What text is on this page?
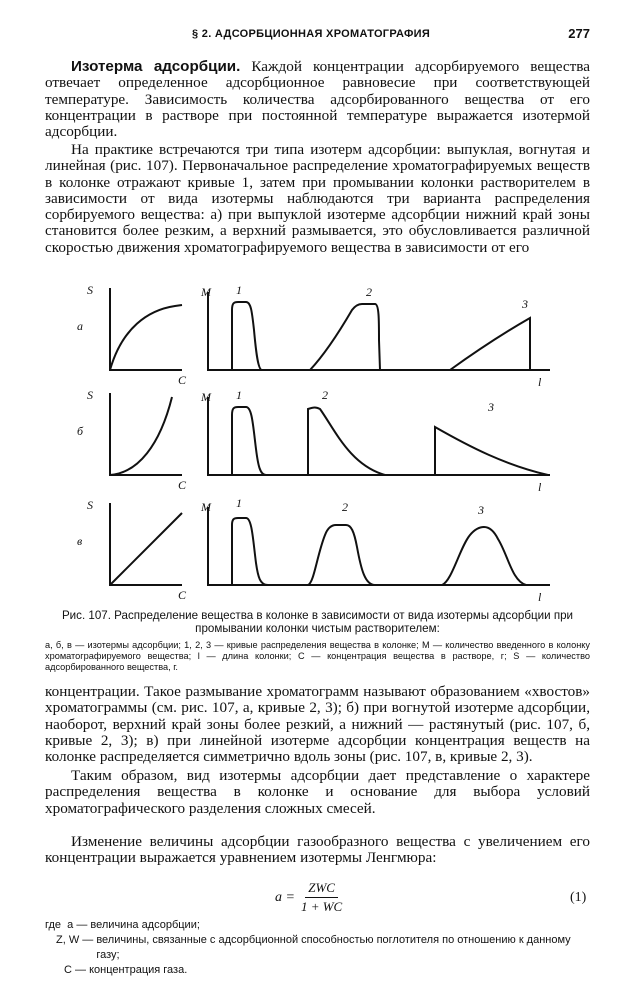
§ 2. АДСОРБЦИОННАЯ ХРОМАТОГРАФИЯ	277

Изотерма адсорбции. Каждой концентрации адсорбируемого вещества отвечает определенное адсорбционное равновесие при соответствующей температуре. Зависимость количества адсорбированного вещества от его концентрации в растворе при постоянной температуре выражается изотермой адсорбции.

На практике встречаются три типа изотерм адсорбции: выпуклая, вогнутая и линейная (рис. 107). Первоначальное распределение хроматографируемых веществ в колонке отражают кривые 1, затем при промывании колонки растворителем в зависимости от вида изотермы наблюдаются три варианта распределения сорбируемого вещества: а) при выпуклой изотерме адсорбции нижний край зоны становится более резким, а верхний размывается, это обусловливается различной скоростью движения хроматографируемого вещества в зависимости от его

S
C
а
M
l
S
C
б
M
l
S
C
в
M
l
1	2
3
1	2
3
1	2	3

Рис. 107. Распределение вещества в колонке в зависимости от вида изотермы адсорбции при промывании колонки чистым растворителем:

а, б, в — изотермы адсорбции; 1, 2, 3 — кривые распределения вещества в колонке; M — количество введенного в колонку хроматографируемого вещества; l — длина колонки; C — концентрация вещества в растворе, г; S — количество адсорбированного вещества, г.

концентрации. Такое размывание хроматограмм называют образованием «хвостов» хроматограммы (см. рис. 107, а, кривые 2, 3); б) при вогнутой изотерме адсорбции, наоборот, верхний край зоны более резкий, а нижний — растянутый (рис. 107, б, кривые 2, 3); в) при линейной изотерме адсорбции концентрация веществ на колонке распределяется симметрично вдоль зоны (рис. 107, в, кривые 2, 3).

Таким образом, вид изотермы адсорбции дает представление о характере распределения вещества в колонке и основание для выбора условий хроматографического разделения сложных смесей.

Изменение величины адсорбции газообразного вещества с увеличением его концентрации выражается уравнением изотермы Ленгмюра:

$a = \frac{\text{ZWC}}{1 + WC}$	(1)
где  a — величина адсорбции;
Z, W — величины, связанные с адсорбционной способностью поглотителя по отношению к данному газу;
C — концентрация газа.
